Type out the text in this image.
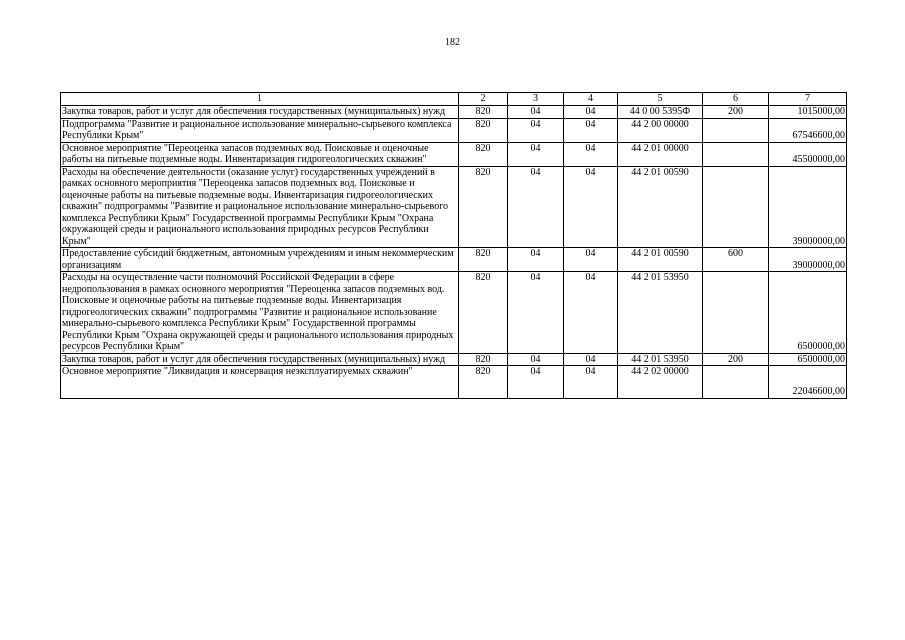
182
1	2	3	4	5	6	7
Закупка товаров, работ и услуг для обеспечения государственных (муниципальных) нужд	820	04	04	44 0 00 5395Ф	200	1015000,00
Подпрограмма "Развитие и рациональное использование минерально-сырьевого комплекса Республики Крым"	820	04	04	44 2 00 00000		67546600,00
Основное мероприятие "Переоценка запасов подземных вод. Поисковые и оценочные работы на питьевые подземные воды. Инвентаризация гидрогеологических скважин"	820	04	04	44 2 01 00000		45500000,00
Расходы на обеспечение деятельности (оказание услуг) государственных учреждений в рамках основного мероприятия "Переоценка запасов подземных вод. Поисковые и оценочные работы на питьевые подземные воды. Инвентаризация гидрогеологических скважин" подпрограммы "Развитие и рациональное использование минерально-сырьевого комплекса Республики Крым" Государственной программы Республики Крым "Охрана окружающей среды и рационального использования природных ресурсов Республики Крым"	820	04	04	44 2 01 00590		39000000,00
Предоставление субсидий бюджетным, автономным учреждениям и иным некоммерческим организациям	820	04	04	44 2 01 00590	600	39000000,00
Расходы на осуществление части полномочий Российской Федерации в сфере недропользования в рамках основного мероприятия "Переоценка запасов подземных вод. Поисковые и оценочные работы на питьевые подземные воды. Инвентаризация гидрогеологических скважин" подпрограммы "Развитие и рациональное использование минерально-сырьевого комплекса Республики Крым" Государственной программы Республики Крым "Охрана окружающей среды и рационального использования природных ресурсов Республики Крым"	820	04	04	44 2 01 53950		6500000,00
Закупка товаров, работ и услуг для обеспечения государственных (муниципальных) нужд	820	04	04	44 2 01 53950	200	6500000,00
Основное мероприятие "Ликвидация и консервация неэксплуатируемых скважин"	820	04	04	44 2 02 00000		22046600,00
